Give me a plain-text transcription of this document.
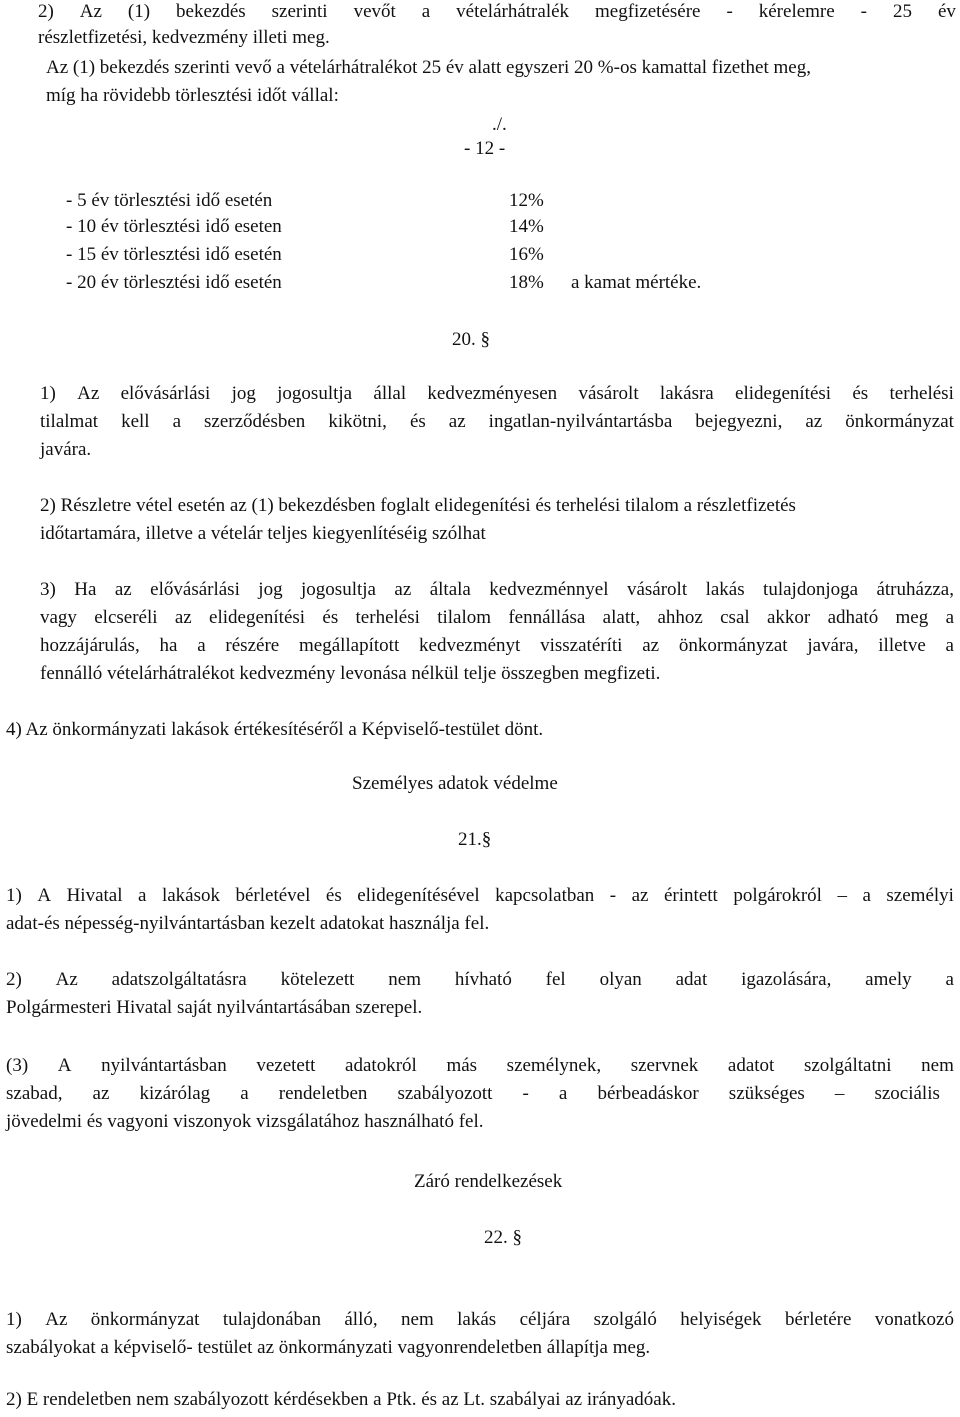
2) Az (1) bekezdés szerinti vevőt a vételárhátralék megfizetésére - kérelemre - 25 év
részletfizetési, kedvezmény illeti meg.
Az (1) bekezdés szerinti vevő a vételárhátralékot 25 év alatt egyszeri 20 %-os kamattal fizethet meg,
míg ha rövidebb törlesztési időt vállal:
./.
- 12 -
- 5 év törlesztési idő esetén	12%
- 10 év törlesztési idő eseten	14%
- 15 év törlesztési idő esetén	16%
- 20 év törlesztési idő esetén	18% a kamat mértéke.
20. §
1) Az elővásárlási jog jogosultja állal kedvezményesen vásárolt lakásra elidegenítési és terhelési
tilalmat kell a szerződésben kikötni, és az ingatlan-nyilvántartásba bejegyezni, az önkormányzat
javára.
2) Részletre vétel esetén az (1) bekezdésben foglalt elidegenítési és terhelési tilalom a részletfizetés
időtartamára, illetve a vételár teljes kiegyenlítéséig szólhat
3) Ha az elővásárlási jog jogosultja az általa kedvezménnyel vásárolt lakás tulajdonjoga átruházza,
vagy elcseréli az elidegenítési és terhelési tilalom fennállása alatt, ahhoz csal akkor adható meg a
hozzájárulás, ha a részére megállapított kedvezményt visszatéríti az önkormányzat javára, illetve a
fennálló vételárhátralékot kedvezmény levonása nélkül telje összegben megfizeti.
4) Az önkormányzati lakások értékesítéséről a Képviselő-testület dönt.
Személyes adatok védelme
21.§
1) A Hivatal a lakások bérletével és elidegenítésével kapcsolatban - az érintett polgárokról – a személyi
adat-és népesség-nyilvántartásban kezelt adatokat használja fel.
2) Az adatszolgáltatásra kötelezett nem hívható fel olyan adat igazolására, amely a
Polgármesteri Hivatal saját nyilvántartásában szerepel.
(3) A nyilvántartásban vezetett adatokról más személynek, szervnek adatot szolgáltatni nem
szabad, az kizárólag a rendeletben szabályozott - a bérbeadáskor szükséges – szociális
jövedelmi és vagyoni viszonyok vizsgálatához használható fel.
Záró rendelkezések
22. §
1) Az önkormányzat tulajdonában álló, nem lakás céljára szolgáló helyiségek bérletére vonatkozó
szabályokat a képviselő- testület az önkormányzati vagyonrendeletben állapítja meg.
2) E rendeletben nem szabályozott kérdésekben a Ptk. és az Lt. szabályai az irányadóak.
